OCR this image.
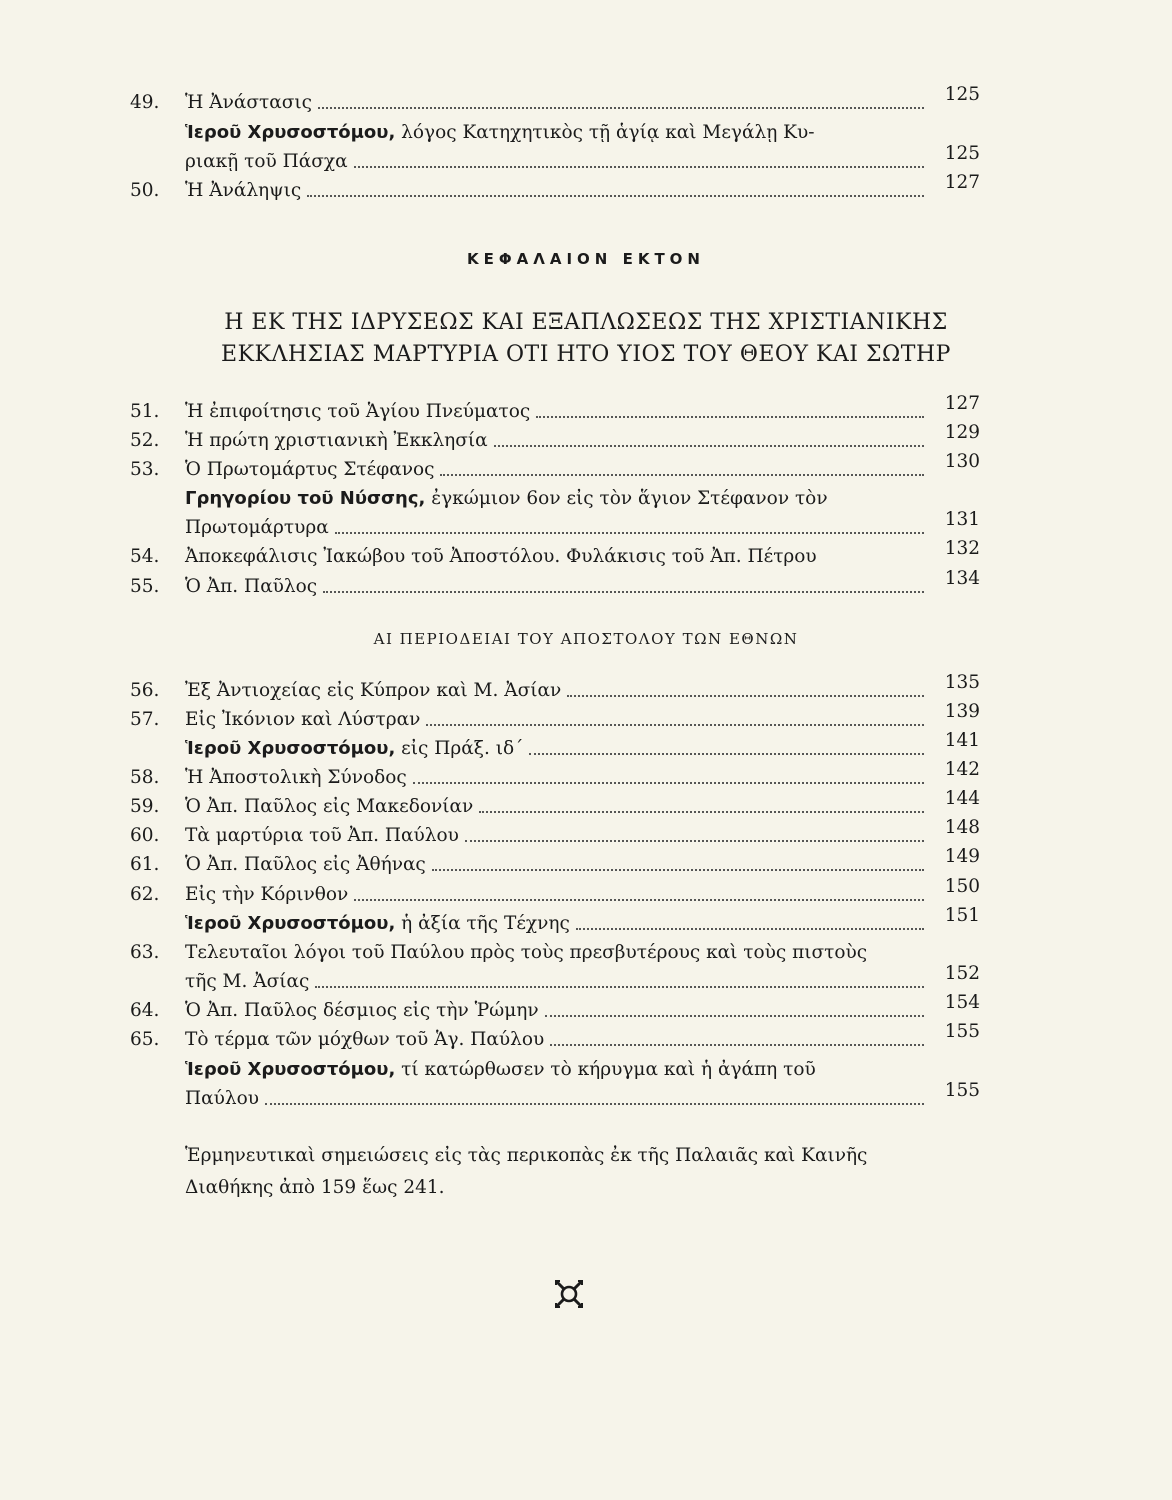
49.	Ἡ Ἀνάστασις	125
Ἱεροῦ Χρυσοστόμου, λόγος Κατηχητικὸς τῇ ἁγίᾳ καὶ Μεγάλῃ Κυ-
ριακῇ τοῦ Πάσχα	125
50.	Ἡ Ἀνάληψις	127
ΚΕΦΑΛΑΙΟΝ ΕΚΤΟΝ
Η ΕΚ ΤΗΣ ΙΔΡΥΣΕΩΣ ΚΑΙ ΕΞΑΠΛΩΣΕΩΣ ΤΗΣ ΧΡΙΣΤΙΑΝΙΚΗΣ
ΕΚΚΛΗΣΙΑΣ ΜΑΡΤΥΡΙΑ ΟΤΙ ΗΤΟ ΥΙΟΣ ΤΟΥ ΘΕΟΥ ΚΑΙ ΣΩΤΗΡ
51.	Ἡ ἐπιφοίτησις τοῦ Ἁγίου Πνεύματος	127
52.	Ἡ πρώτη χριστιανικὴ Ἐκκλησία	129
53.	Ὁ Πρωτομάρτυς Στέφανος	130
Γρηγορίου τοῦ Νύσσης, ἐγκώμιον 6ον εἰς τὸν ἅγιον Στέφανον τὸν
Πρωτομάρτυρα	131
54.	Ἀποκεφάλισις Ἰακώβου τοῦ Ἀποστόλου. Φυλάκισις τοῦ Ἀπ. Πέτρου	132
55.	Ὁ Ἀπ. Παῦλος	134
ΑΙ ΠΕΡΙΟΔΕΙΑΙ ΤΟΥ ΑΠΟΣΤΟΛΟΥ ΤΩΝ ΕΘΝΩΝ
56.	Ἐξ Ἀντιοχείας εἰς Κύπρον καὶ Μ. Ἀσίαν	135
57.	Εἰς Ἰκόνιον καὶ Λύστραν	139
Ἱεροῦ Χρυσοστόμου, εἰς Πράξ. ιδ´	141
58.	Ἡ Ἀποστολικὴ Σύνοδος	142
59.	Ὁ Ἀπ. Παῦλος εἰς Μακεδονίαν	144
60.	Τὰ μαρτύρια τοῦ Ἀπ. Παύλου	148
61.	Ὁ Ἀπ. Παῦλος εἰς Ἀθήνας	149
62.	Εἰς τὴν Κόρινθον	150
Ἱεροῦ Χρυσοστόμου, ἡ ἀξία τῆς Τέχνης	151
63.	Τελευταῖοι λόγοι τοῦ Παύλου πρὸς τοὺς πρεσβυτέρους καὶ τοὺς πιστοὺς
τῆς Μ. Ἀσίας	152
64.	Ὁ Ἀπ. Παῦλος δέσμιος εἰς τὴν Ῥώμην	154
65.	Τὸ τέρμα τῶν μόχθων τοῦ Ἁγ. Παύλου	155
Ἱεροῦ Χρυσοστόμου, τί κατώρθωσεν τὸ κήρυγμα καὶ ἡ ἀγάπη τοῦ
Παύλου	155
Ἑρμηνευτικαὶ σημειώσεις εἰς τὰς περικοπὰς ἐκ τῆς Παλαιᾶς καὶ Καινῆς
Διαθήκης ἀπὸ 159 ἕως 241.
